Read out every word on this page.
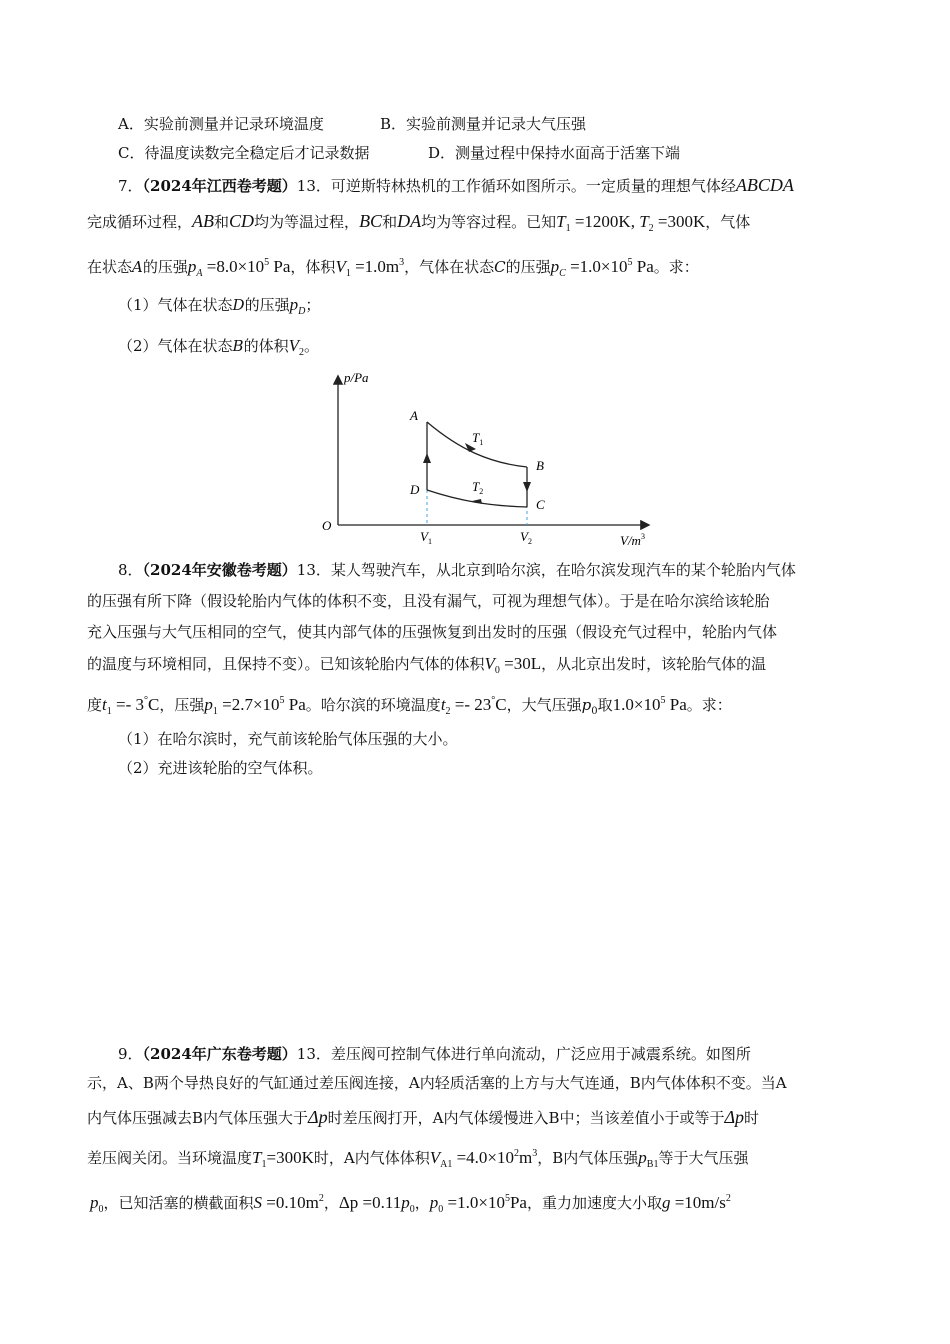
A．实验前测量并记录环境温度	B．实验前测量并记录大气压强
C．待温度读数完全稳定后才记录数据	D．测量过程中保持水面高于活塞下端
7．（2024年江西卷考题）13．可逆斯特林热机的工作循环如图所示。一定质量的理想气体经ABCDA
完成循环过程，AB和CD均为等温过程，BC和DA均为等容过程。已知$T_1 =1200K$, $T_2 =300K$，气体
在状态A的压强$p_A =8.0\times 10^5$ Pa，体积$V_1 =1.0m^3$，气体在状态C的压强$p_C =1.0\times 10^5$ Pa。求：
（1）气体在状态D的压强$p_D$；
（2）气体在状态B的体积$V_2$。
p/Pa
$V/m^3$
O
A
B
C
D
$T_1$
$T_2$
$V_1$	$V_2$
8．（2024年安徽卷考题）13．某人驾驶汽车，从北京到哈尔滨，在哈尔滨发现汽车的某个轮胎内气体
的压强有所下降（假设轮胎内气体的体积不变，且没有漏气，可视为理想气体）。于是在哈尔滨给该轮胎
充入压强与大气压相同的空气，使其内部气体的压强恢复到出发时的压强（假设充气过程中，轮胎内气体
的温度与环境相同，且保持不变）。已知该轮胎内气体的体积$V_0 =30L$，从北京出发时，该轮胎气体的温
度$t_1 =- 3^\circ C$，压强$p_1 =2.7\times 10^5$ Pa。哈尔滨的环境温度$t_2 =- 23^\circ C$，大气压强$p_0$取$1.0\times 10^5$ Pa。求：
（1）在哈尔滨时，充气前该轮胎气体压强的大小。
（2）充进该轮胎的空气体积。
9．（2024年广东卷考题）13．差压阀可控制气体进行单向流动，广泛应用于减震系统。如图所
示，A、B两个导热良好的气缸通过差压阀连接，A内轻质活塞的上方与大气连通，B内气体体积不变。当A
内气体压强减去B内气体压强大于Δp时差压阀打开，A内气体缓慢进入B中；当该差值小于或等于Δp时
差压阀关闭。当环境温度$T_1=300K$时，A内气体体积$V_{A1} =4.0\times 10^2m^3$，B内气体压强$p_{B1}$等于大气压强
$p_0$，已知活塞的横截面积$S =0.10m^2$，$\Delta p =0.11p_0$，$p_0 =1.0\times 10^5Pa$，重力加速度大小取$g =10m/s^2$
